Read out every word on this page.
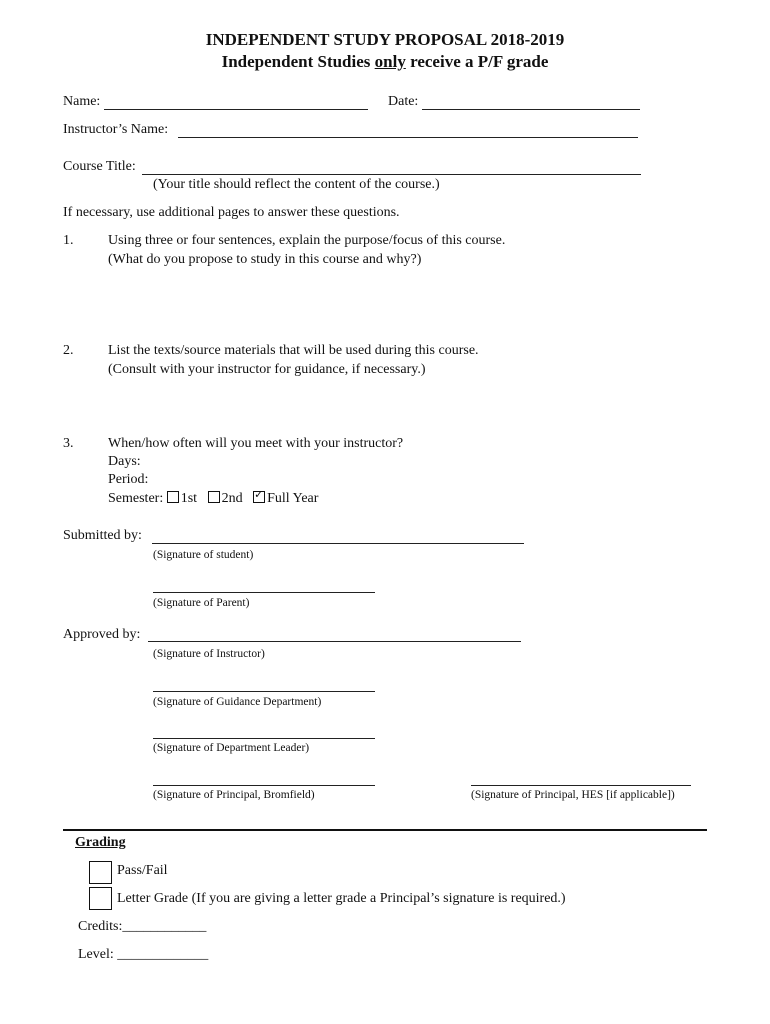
INDEPENDENT STUDY PROPOSAL 2018-2019
Independent Studies only receive a P/F grade
Name:	Date:
Instructor’s Name:
Course Title:
(Your title should reflect the content of the course.)
If necessary, use additional pages to answer these questions.
1. Using three or four sentences, explain the purpose/focus of this course.
(What do you propose to study in this course and why?)
2. List the texts/source materials that will be used during this course.
(Consult with your instructor for guidance, if necessary.)
3. When/how often will you meet with your instructor?
Days:
Period:
Semester: 1st 2nd   ✓ Full Year
Submitted by:
(Signature of student)
(Signature of Parent)
Approved by:
(Signature of Instructor)
(Signature of Guidance Department)
(Signature of Department Leader)
(Signature of Principal, Bromfield)	(Signature of Principal, HES [if applicable])
Grading
Pass/Fail
Letter Grade (If you are giving a letter grade a Principal’s signature is required.)
Credits:____________
Level: _____________
